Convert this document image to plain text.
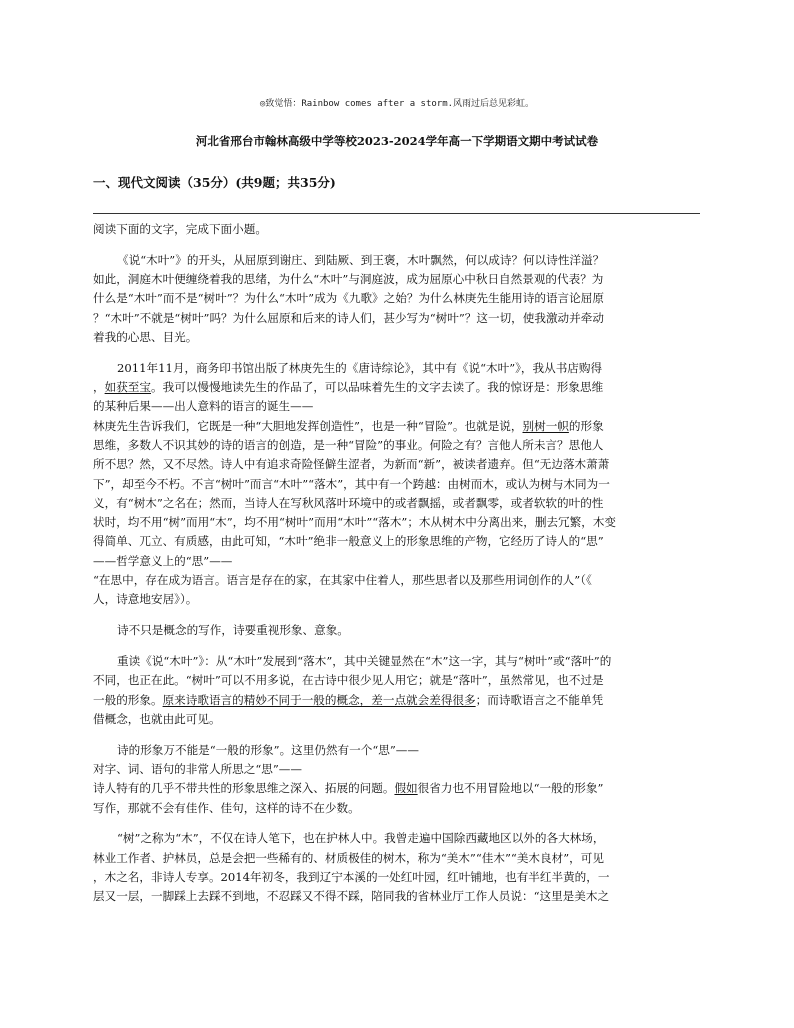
◎致觉悟：Rainbow comes after a storm.风雨过后总见彩虹。
河北省邢台市翰林高级中学等校2023-2024学年高一下学期语文期中考试试卷
一、现代文阅读（35分）(共9题；共35分)

阅读下面的文字，完成下面小题。

《说“木叶”》的开头，从屈原到谢庄、到陆厥、到王褒，木叶飘然，何以成诗？何以诗性洋溢？

如此，洞庭木叶便缠绕着我的思绪，为什么“木叶”与洞庭波，成为屈原心中秋日自然景观的代表？为

什么是“木叶”而不是“树叶”？为什么“木叶”成为《九歌》之始？为什么林庚先生能用诗的语言论屈原

？“木叶”不就是“树叶”吗？为什么屈原和后来的诗人们，甚少写为“树叶”？这一切，使我激动并牵动

着我的心思、目光。

2011年11月，商务印书馆出版了林庚先生的《唐诗综论》，其中有《说“木叶”》，我从书店购得

，如获至宝。我可以慢慢地读先生的作品了，可以品味着先生的文字去读了。我的惊讶是：形象思维

的某种后果——出人意料的语言的诞生——

林庚先生告诉我们，它既是一种“大胆地发挥创造性”，也是一种“冒险”。也就是说，别树一帜的形象

思维，多数人不识其妙的诗的语言的创造，是一种“冒险”的事业。何险之有？言他人所未言？思他人

所不思？然，又不尽然。诗人中有追求奇险怪僻生涩者，为新而“新”，被读者遗弃。但“无边落木萧萧

下”，却至今不朽。不言“树叶”而言“木叶”“落木”，其中有一个跨越：由树而木，或认为树与木同为一

义，有“树木”之名在；然而，当诗人在写秋风落叶环境中的或者飘摇，或者飘零，或者软软的叶的性

状时，均不用“树”而用“木”，均不用“树叶”而用“木叶”“落木”；木从树木中分离出来，删去冗繁，木变

得简单、兀立、有质感，由此可知，“木叶”绝非一般意义上的形象思维的产物，它经历了诗人的“思”

——哲学意义上的“思”——

“在思中，存在成为语言。语言是存在的家，在其家中住着人，那些思者以及那些用词创作的人”（《

人，诗意地安居》）。

诗不只是概念的写作，诗要重视形象、意象。

重读《说“木叶”》：从“木叶”发展到“落木”，其中关键显然在“木”这一字，其与“树叶”或“落叶”的

不同，也正在此。“树叶”可以不用多说，在古诗中很少见人用它；就是“落叶”，虽然常见，也不过是

一般的形象。原来诗歌语言的精妙不同于一般的概念，差一点就会差得很多；而诗歌语言之不能单凭

借概念，也就由此可见。

诗的形象万不能是“一般的形象”。这里仍然有一个“思”——

对字、词、语句的非常人所思之“思”——

诗人特有的几乎不带共性的形象思维之深入、拓展的问题。假如很省力也不用冒险地以“一般的形象”

写作，那就不会有佳作、佳句，这样的诗不在少数。

“树”之称为“木”，不仅在诗人笔下，也在护林人中。我曾走遍中国除西藏地区以外的各大林场，

林业工作者、护林员，总是会把一些稀有的、材质极佳的树木，称为“美木”“佳木”“美木良材”，可见

，木之名，非诗人专享。2014年初冬，我到辽宁本溪的一处红叶园，红叶铺地，也有半红半黄的，一

层又一层，一脚踩上去踩不到地，不忍踩又不得不踩，陪同我的省林业厅工作人员说：“这里是美木之
